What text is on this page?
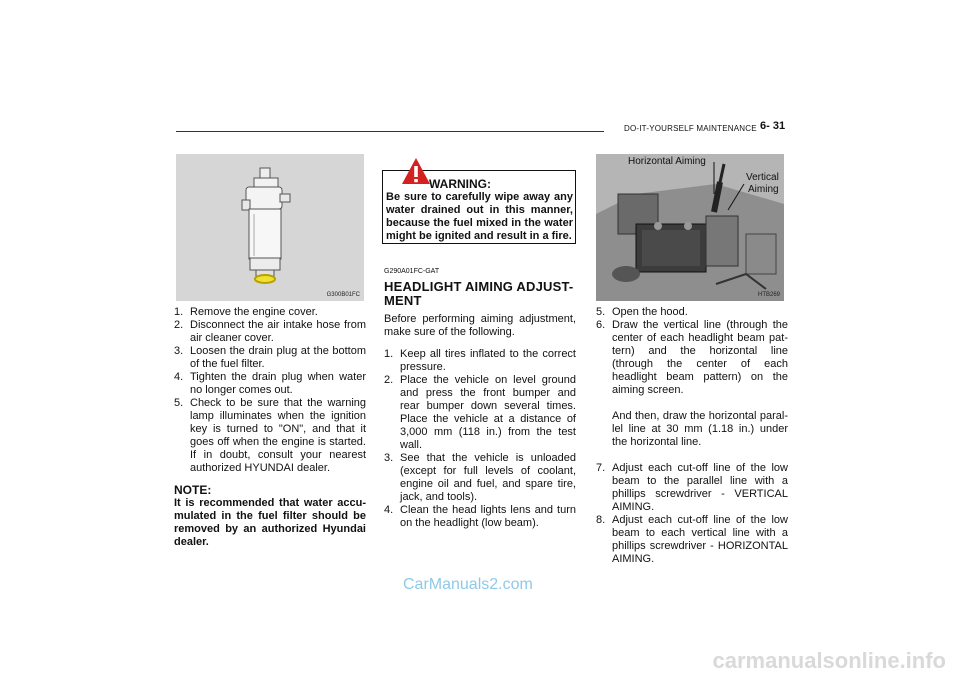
DO-IT-YOURSELF MAINTENANCE 6- 31
G300B01FC
Horizontal Aiming
Vertical
Aiming
HTB269
1. Remove the engine cover.
2. Disconnect the air intake hose from air cleaner cover.
3. Loosen the drain plug at the bottom of the fuel filter.
4. Tighten the drain plug when water no longer comes out.
5. Check to be sure that the warning lamp illuminates when the ignition key is turned to "ON", and that it goes off when the engine is started. If in doubt, consult your nearest authorized HYUNDAI dealer.
NOTE:
It is recommended that water accu-mulated in the fuel filter should be removed by an authorized Hyundai dealer.
WARNING:
Be sure to carefully wipe away any water drained out in this manner, because the fuel mixed in the water might be ignited and result in a fire.
G290A01FC-GAT
HEADLIGHT AIMING ADJUST-MENT
Before performing aiming adjustment, make sure of the following.
1. Keep all tires inflated to the correct pressure.
2. Place the vehicle on level ground and press the front bumper and rear bumper down several times. Place the vehicle at a distance of 3,000 mm (118 in.) from the test wall.
3. See that the vehicle is unloaded (except for full levels of coolant, engine oil and fuel, and spare tire, jack, and tools).
4. Clean the head lights lens and turn on the headlight (low beam).
5. Open the hood.
6. Draw the vertical line (through the center of each headlight beam pat-tern) and the horizontal line (through the center of each headlight beam pattern) on the aiming screen.
And then, draw the horizontal paral-lel line at 30 mm (1.18 in.) under the horizontal line.
7. Adjust each cut-off line of the low beam to the parallel line with a phillips screwdriver - VERTICAL AIMING.
8. Adjust each cut-off line of the low beam to each vertical line with a phillips screwdriver - HORIZONTAL AIMING.
CarManuals2.com
carmanualsonline.info
